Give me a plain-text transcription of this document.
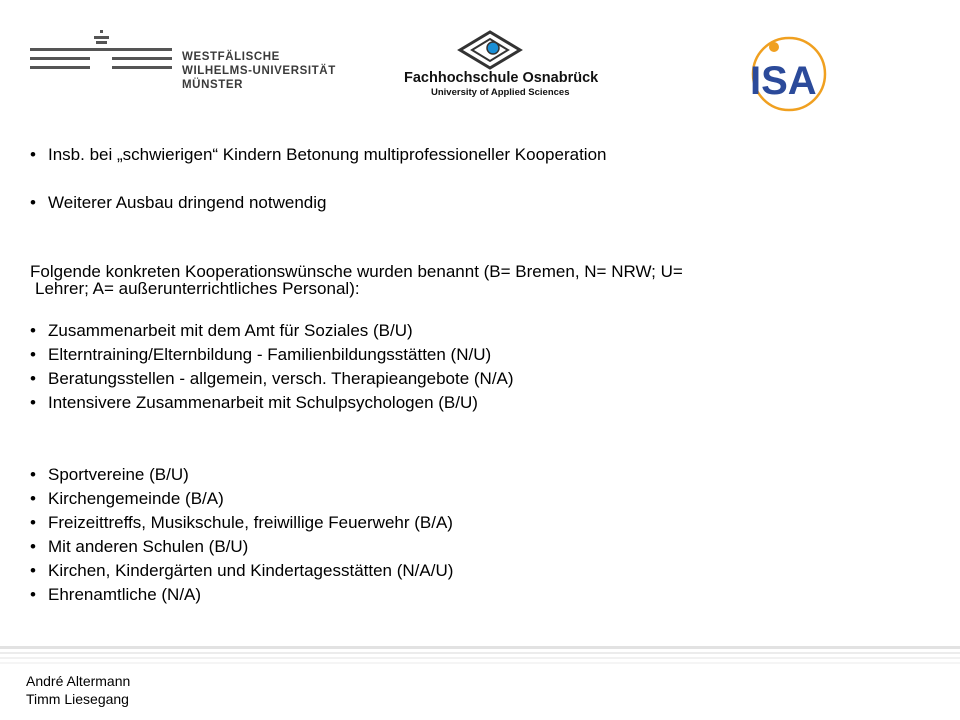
WESTFÄLISCHE
WILHELMS-UNIVERSITÄT
MÜNSTER	Fachhochschule Osnabrück
University of Applied Sciences	ISA
• Insb. bei „schwierigen“ Kindern Betonung multiprofessioneller Kooperation
• Weiterer Ausbau dringend notwendig
Folgende konkreten Kooperationswünsche wurden benannt (B= Bremen, N= NRW; U=
Lehrer; A= außerunterrichtliches Personal):
• Zusammenarbeit mit dem Amt für Soziales (B/U)
• Elterntraining/Elternbildung - Familienbildungsstätten (N/U)
• Beratungsstellen - allgemein, versch. Therapieangebote (N/A)
• Intensivere Zusammenarbeit mit Schulpsychologen (B/U)
• Sportvereine (B/U)
• Kirchengemeinde (B/A)
• Freizeittreffs, Musikschule, freiwillige Feuerwehr (B/A)
• Mit anderen Schulen (B/U)
• Kirchen, Kindergärten und Kindertagesstätten (N/A/U)
• Ehrenamtliche (N/A)
André Altermann
Timm Liesegang
